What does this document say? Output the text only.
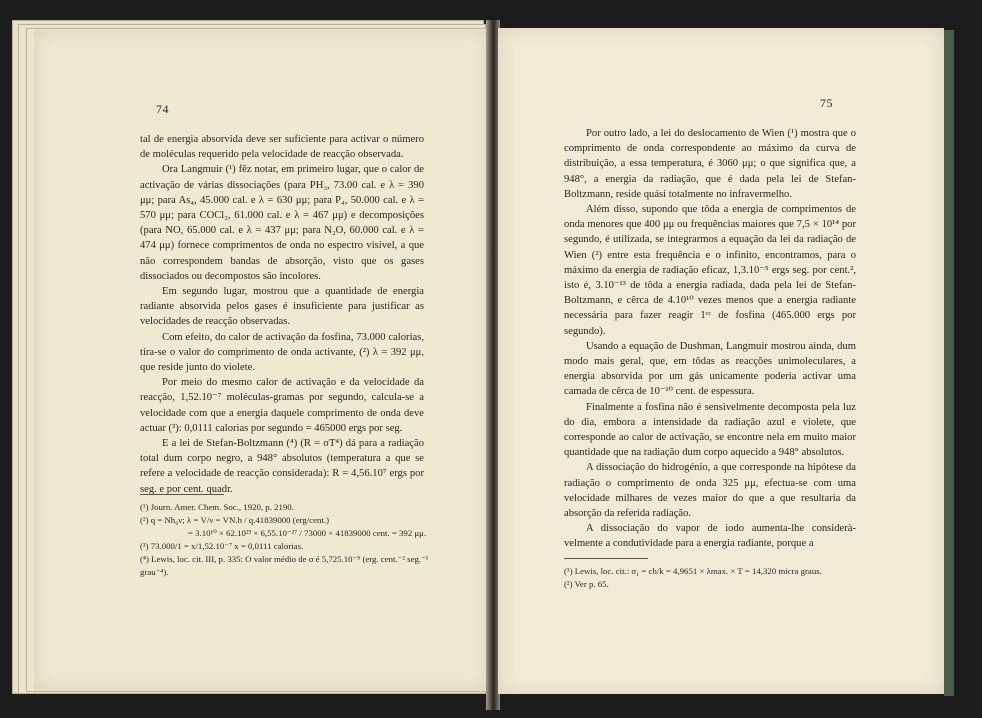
74

tal de energia absorvida deve ser suficiente para activar o número de moléculas requerido pela velocidade de reacção observada.

Ora Langmuir (¹) fêz notar, em primeiro lugar, que o calor de activação de várias dissociações (para PH₃, 73.00 cal. e λ = 390 μμ; para As₄, 45.000 cal. e λ = 630 μμ; para P₄, 50.000 cal. e λ = 570 μμ; para COCl₂, 61.000 cal. e λ = 467 μμ) e decomposições (para NO, 65.000 cal. e λ = 437 μμ; para N₂O, 60.000 cal. e λ = 474 μμ) fornece comprimentos de onda no espectro visível, a que não correspondem bandas de absorção, visto que os gases dissociados ou decompostos são incolores.

Em segundo lugar, mostrou que a quantidade de energia radiante absorvida pelos gases é insuficiente para justificar as velocidades de reacção observadas.

Com efeito, do calor de activação da fosfina, 73.000 calorias, tira-se o valor do comprimento de onda activante, (²) λ = 392 μμ, que reside junto do violete.

Por meio do mesmo calor de activação e da velocidade da reacção, 1,52.10⁻⁷ moléculas-gramas por segundo, calcula-se a velocidade com que a energia daquele comprimento de onda deve actuar (³): 0,0111 calorias por segundo = 465000 ergs por seg.

E a lei de Stefan-Boltzmann (⁴) (R = σT⁴) dá para a radiação total dum corpo negro, a 948° absolutos (temperatura a que se refere a velocidade de reacção considerada): R = 4,56.10⁷ ergs por seg. e por cent. quadr.

(¹) Journ. Amer. Chem. Soc., 1920, p. 2190.
(²) q = Nh₀ν; λ = V/ν = VN.h / q.41839000 (erg/cent.)
= 3.10¹⁰ × 62.10²³ × 6,55.10⁻²⁷ / 73000 × 41839000 cent. = 392 μμ.
(³) 73.000/1 = x/1,52.10⁻⁷ x = 0,0111 calorias.
(⁴) Lewis, loc. cit. III, p. 335: O valor médio de σ é 5,725.10⁻⁵ (erg. cent.⁻² seg.⁻¹ grau⁻⁴).
75

Por outro lado, a lei do deslocamento de Wien (¹) mostra que o comprimento de onda correspondente ao máximo da curva de distribuição, a essa temperatura, é 3060 μμ; o que significa que, a 948°, a energia da radiação, que é dada pela lei de Stefan-Boltzmann, reside quási totalmente no infravermelho.

Além disso, supondo que tôda a energia de comprimentos de onda menores que 400 μμ ou frequências maiores que 7,5 × 10¹⁴ por segundo, é utilizada, se integrarmos a equação da lei da radiação de Wien (²) entre esta frequência e o infinito, encontramos, para o máximo da energia de radiação eficaz, 1,3.10⁻⁵ ergs seg. por cent.², isto é, 3.10⁻¹³ de tôda a energia radiada, dada pela lei de Stefan-Boltzmann, e cêrca de 4.10¹⁰ vezes menos que a energia radiante necessária para fazer reagir 1ᶜᶜ de fosfina (465.000 ergs por segundo).

Usando a equação de Dushman, Langmuir mostrou ainda, dum modo mais geral, que, em tôdas as reacções unimoleculares, a energia absorvida por um gás unicamente poderia activar uma camada de cêrca de 10⁻¹⁰ cent. de espessura.

Finalmente a fosfina não é sensìvelmente decomposta pela luz do dia, embora a intensidade da radiação azul e violete, que corresponde ao calor de activação, se encontre nela em muito maior quantidade que na radiação dum corpo aquecido a 948° absolutos.

A dissociação do hidrogénio, a que corresponde na hipótese da radiação o comprimento de onda 325 μμ, efectua-se com uma velocidade milhares de vezes maior do que a que resultaria da absorção da referida radiação.

A dissociação do vapor de iodo aumenta-lhe considerà-velmente a condutividade para a energia radiante, porque a

(¹) Lewis, loc. cit.: σ₁ = ch/k = 4,9651 × λmax. × T = 14,320 micra graus.
(²) Ver p. 65.
